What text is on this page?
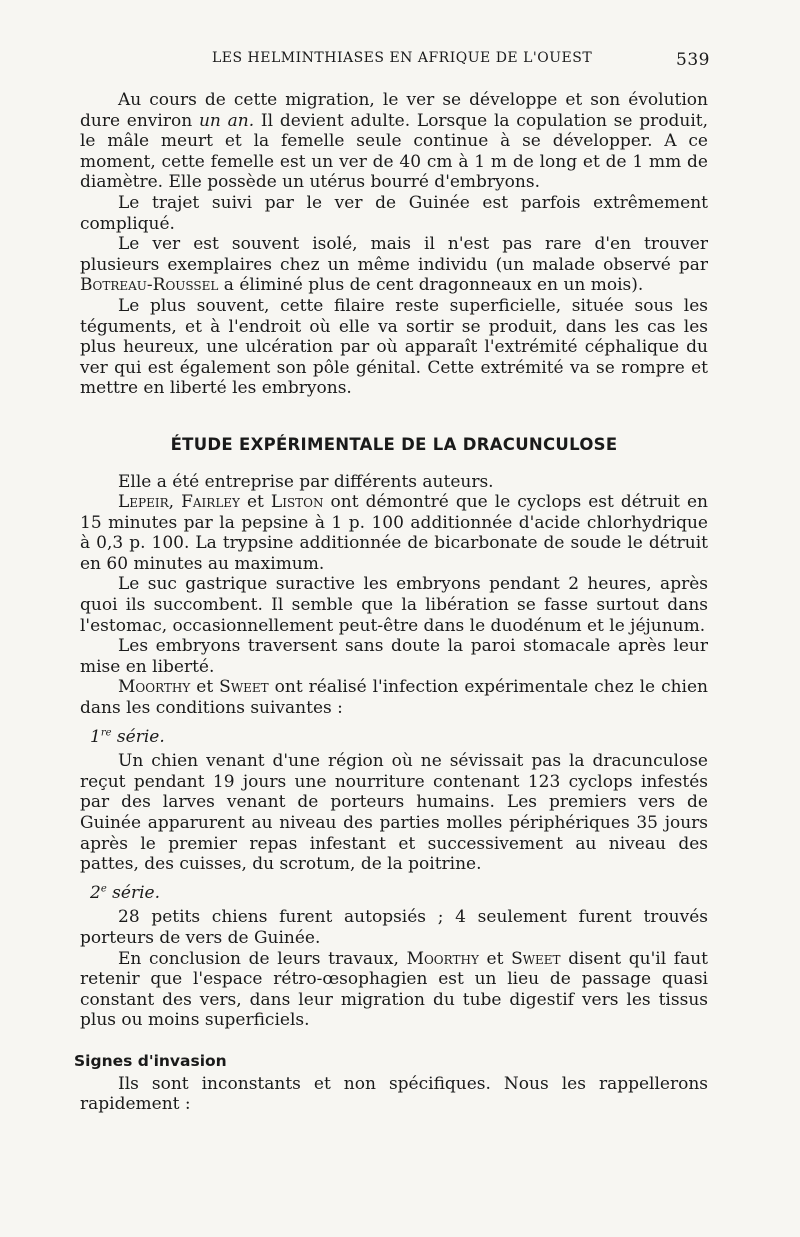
LES HELMINTHIASES EN AFRIQUE DE L'OUEST	539

Au cours de cette migration, le ver se développe et son évolution dure environ un an. Il devient adulte. Lorsque la copulation se produit, le mâle meurt et la femelle seule continue à se développer. A ce moment, cette femelle est un ver de 40 cm à 1 m de long et de 1 mm de diamètre. Elle possède un utérus bourré d'embryons.

Le trajet suivi par le ver de Guinée est parfois extrêmement compliqué.

Le ver est souvent isolé, mais il n'est pas rare d'en trouver plusieurs exemplaires chez un même individu (un malade observé par Botreau-Roussel a éliminé plus de cent dragonneaux en un mois).

Le plus souvent, cette filaire reste superficielle, située sous les téguments, et à l'endroit où elle va sortir se produit, dans les cas les plus heureux, une ulcération par où apparaît l'extrémité céphalique du ver qui est également son pôle génital. Cette extrémité va se rompre et mettre en liberté les embryons.

ÉTUDE EXPÉRIMENTALE DE LA DRACUNCULOSE

Elle a été entreprise par différents auteurs.

Lepeir, Fairley et Liston ont démontré que le cyclops est détruit en 15 minutes par la pepsine à 1 p. 100 additionnée d'acide chlorhydrique à 0,3 p. 100. La trypsine additionnée de bicarbonate de soude le détruit en 60 minutes au maximum.

Le suc gastrique suractive les embryons pendant 2 heures, après quoi ils succombent. Il semble que la libération se fasse surtout dans l'estomac, occasionnellement peut-être dans le duodénum et le jéjunum.

Les embryons traversent sans doute la paroi stomacale après leur mise en liberté.

Moorthy et Sweet ont réalisé l'infection expérimentale chez le chien dans les conditions suivantes :

1re série.

Un chien venant d'une région où ne sévissait pas la dracunculose reçut pendant 19 jours une nourriture contenant 123 cyclops infestés par des larves venant de porteurs humains. Les premiers vers de Guinée apparurent au niveau des parties molles périphériques 35 jours après le premier repas infestant et successivement au niveau des pattes, des cuisses, du scrotum, de la poitrine.

2e série.

28 petits chiens furent autopsiés ; 4 seulement furent trouvés porteurs de vers de Guinée.

En conclusion de leurs travaux, Moorthy et Sweet disent qu'il faut retenir que l'espace rétro-œsophagien est un lieu de passage quasi constant des vers, dans leur migration du tube digestif vers les tissus plus ou moins superficiels.

Signes d'invasion

Ils sont inconstants et non spécifiques. Nous les rappellerons rapidement :
